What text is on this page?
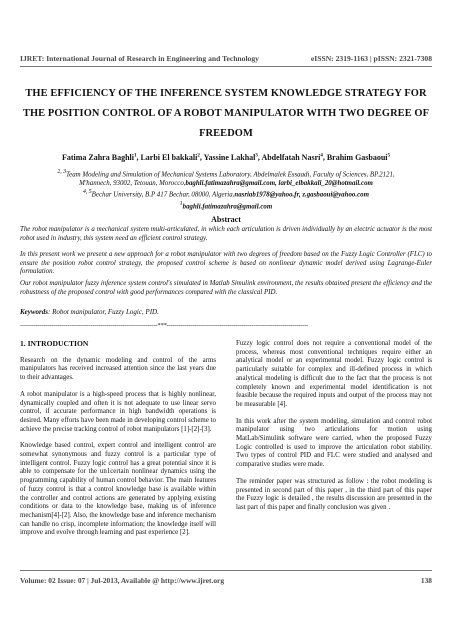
IJRET: International Journal of Research in Engineering and Technology	eISSN: 2319-1163 | pISSN: 2321-7308
THE EFFICIENCY OF THE INFERENCE SYSTEM KNOWLEDGE STRATEGY FOR THE POSITION CONTROL OF A ROBOT MANIPULATOR WITH TWO DEGREE OF FREEDOM
Fatima Zahra Baghli$^1$, Larbi El bakkali$^2$, Yassine Lakhal$^3$, Abdelfatah Nasri$^4$, Brahim Gasbaoui$^5$
$^{2, 3}$Team Modeling and Simulation of Mechanical Systems Laboratory, Abdelmalek Essaadi, Faculty of Sciences, BP.2121,
M'hannech, 93002, Tetouan, Morocco,baghli.fatimazahra@gmail.com, larbi_elbakkali_20@hotmail.com
$^{4, 5}$Bechar University, B.P 417 Bechar, 08000, Algeria,nasriab1978@yahoo.fr, z.gasbaoui@yahoo.com
$^1$baghli.fatimazahra@gmail.com
Abstract
The robot manipulator is a mechanical system multi-articulated, in which each articulation is driven individually by an electric actuator is the most robot used in industry, this system need an efficient control strategy.
In this present work we present a new approach for a robot manipulator with two degrees of freedom based on the Fuzzy Logic Controller (FLC) to ensure the position robot control strategy, the proposed control scheme is based on nonlinear dynamic model derived using Lagrange-Euler formulation.
Our robot manipulator fuzzy inference system control's simulated in Matlab Simulink environment, the results obtained present the efficiency and the robustness of the proposed control with good performances compared with the classical PID.
Keywords: Robot manipulator, Fuzzy Logic, PID.
----------------------------------------------------------------------***------------------------------------------------------------------------
1. INTRODUCTION

Research on the dynamic modeling and control of the arms manipulators has received increased attention since the last years due to their advantages.

A robot manipulator is a high-speed process that is highly nonlinear, dynamically coupled and often it is not adequate to use linear servo control, if accurate performance in high bandwidth operations is desired. Many efforts have been made in developing control scheme to achieve the precise tracking control of robot manipulators [1]-[2]-[3].

Knowledge based control, expert control and intelligent control are somewhat synonymous and fuzzy control is a particular type of intelligent control. Fuzzy logic control has a great potential since it is able to compensate for the un1certain nonlinear dynamics using the programming capability of human control behavior. The main features of fuzzy control is that a control knowledge base is available within the controller and control actions are generated by applying existing conditions or data to the knowledge base, making us of inference mechanism[4]-[2]. Also, the knowledge base and inference mechanism can handle no crisp, incomplete information; the knowledge itself will improve and evolve through learning and past experience [2].

Fuzzy logic control does not require a conventional model of the process, whereas most conventional techniques require either an analytical model or an experimental model. Fuzzy logic control is particularly suitable for complex and ill-defined process in which analytical modeling is difficult due to the fact that the process is not completely known and experimental model identification is not feasible because the required inputs and output of the process may not be measurable [4].

In this work after the system modeling, simulation and control robot manipulator using two articulations for motion using MatLab/Simulink software were carried, when the proposed Fuzzy Logic controlled is used to improve the articulation robot stability. Two types of control PID and FLC were studied and analysed and comparative studies were made.

The reminder paper was structured as follow : the robot modeling is presented in second part of this paper , in the third part of this paper the Fuzzy logic is detailed , the results discussion are presented in the last part of this paper and finally conclusion was given .

Volume: 02 Issue: 07 | Jul-2013, Available @ http://www.ijret.org	138
